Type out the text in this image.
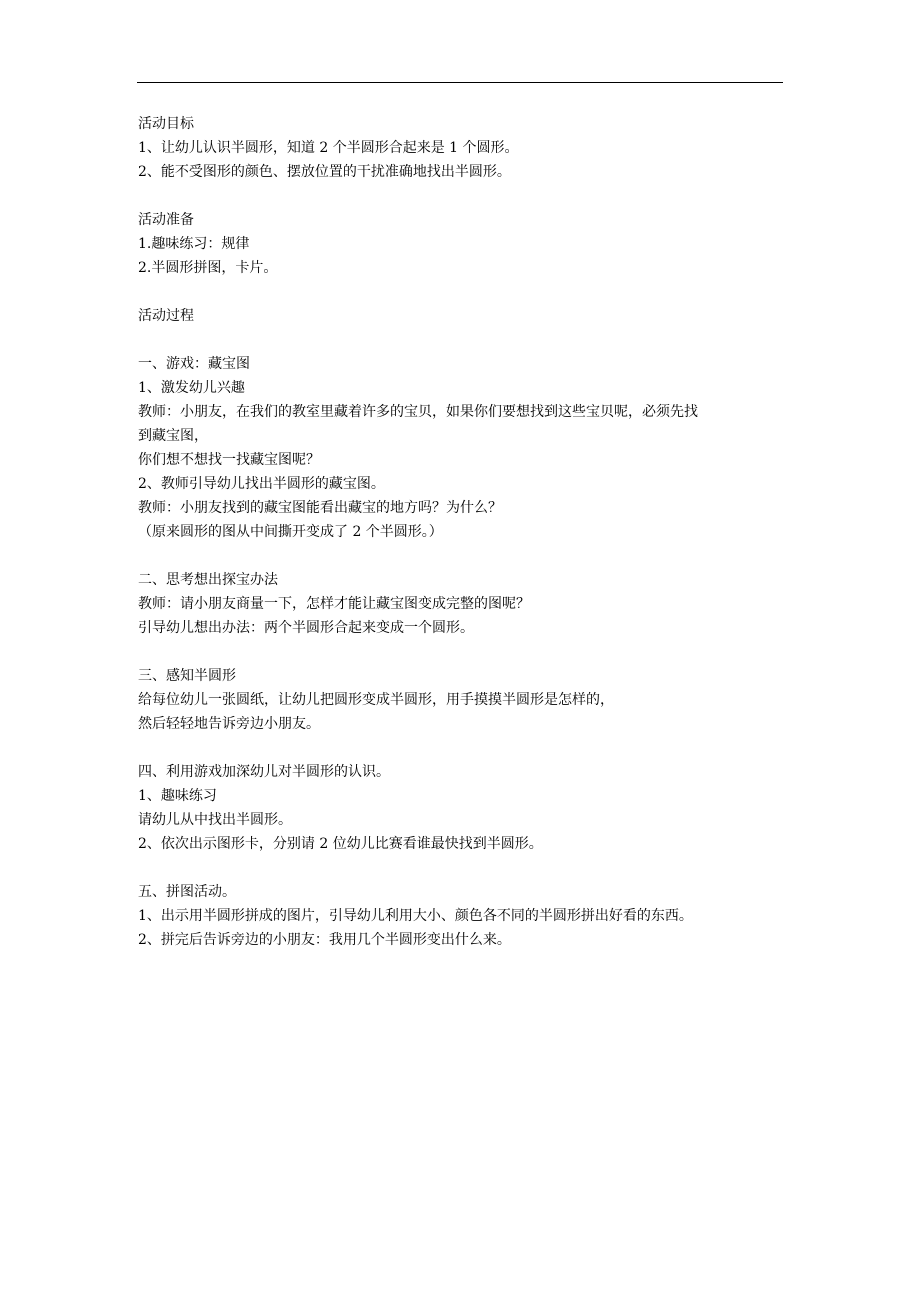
活动目标
1、让幼儿认识半圆形，知道 2 个半圆形合起来是 1 个圆形。
2、能不受图形的颜色、摆放位置的干扰准确地找出半圆形。
活动准备
1.趣味练习：规律
2.半圆形拼图，卡片。
活动过程
一、游戏：藏宝图
1、激发幼儿兴趣
教师：小朋友，在我们的教室里藏着许多的宝贝，如果你们要想找到这些宝贝呢，必须先找
到藏宝图，
你们想不想找一找藏宝图呢？
2、教师引导幼儿找出半圆形的藏宝图。
教师：小朋友找到的藏宝图能看出藏宝的地方吗？为什么？
（原来圆形的图从中间撕开变成了 2 个半圆形。）
二、思考想出探宝办法
教师：请小朋友商量一下，怎样才能让藏宝图变成完整的图呢？
引导幼儿想出办法：两个半圆形合起来变成一个圆形。
三、感知半圆形
给每位幼儿一张圆纸，让幼儿把圆形变成半圆形，用手摸摸半圆形是怎样的，
然后轻轻地告诉旁边小朋友。
四、利用游戏加深幼儿对半圆形的认识。
1、趣味练习
请幼儿从中找出半圆形。
2、依次出示图形卡，分别请 2 位幼儿比赛看谁最快找到半圆形。
五、拼图活动。
1、出示用半圆形拼成的图片，引导幼儿利用大小、颜色各不同的半圆形拼出好看的东西。
2、拼完后告诉旁边的小朋友：我用几个半圆形变出什么来。
